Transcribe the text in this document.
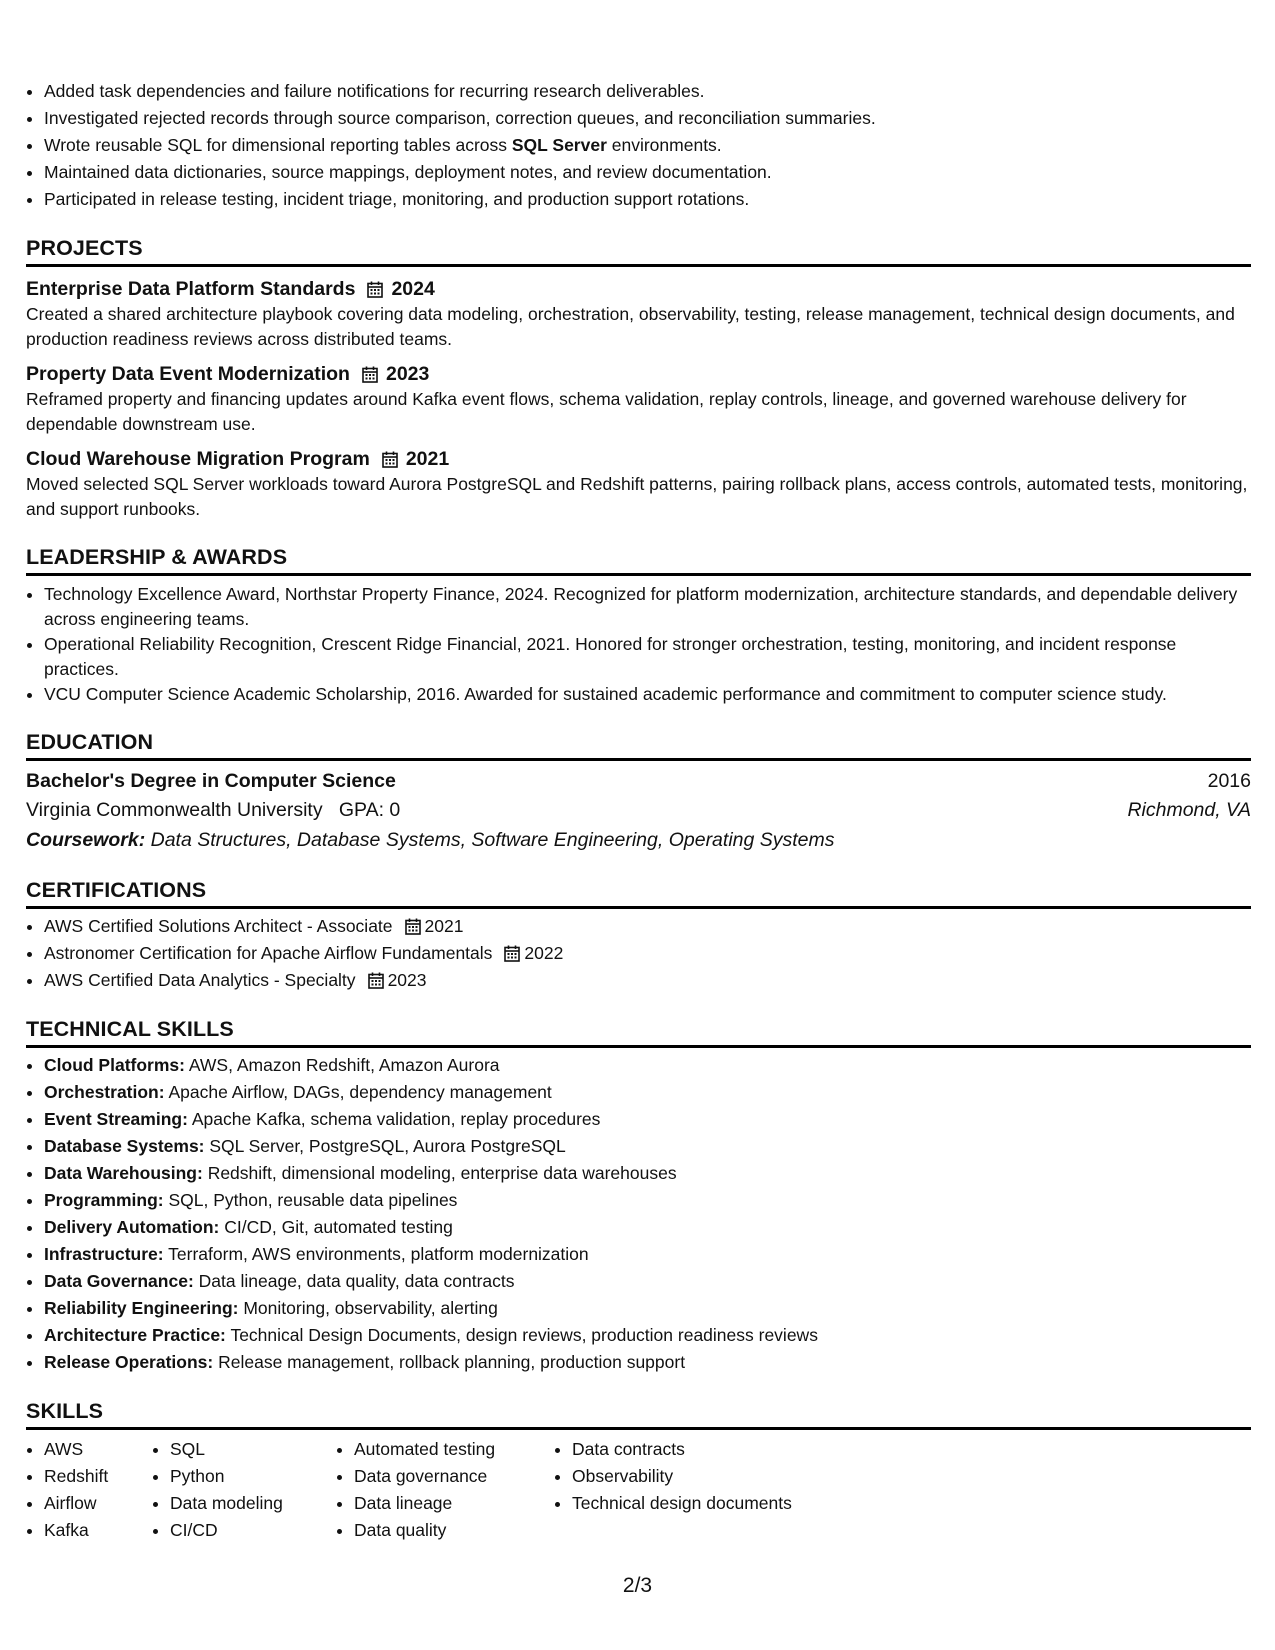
• Added task dependencies and failure notifications for recurring research deliverables.
• Investigated rejected records through source comparison, correction queues, and reconciliation summaries.
• Wrote reusable SQL for dimensional reporting tables across SQL Server environments.
• Maintained data dictionaries, source mappings, deployment notes, and review documentation.
• Participated in release testing, incident triage, monitoring, and production support rotations.
PROJECTS
Enterprise Data Platform Standards 2024
Created a shared architecture playbook covering data modeling, orchestration, observability, testing, release management, technical design documents, and production readiness reviews across distributed teams.
Property Data Event Modernization 2023
Reframed property and financing updates around Kafka event flows, schema validation, replay controls, lineage, and governed warehouse delivery for dependable downstream use.
Cloud Warehouse Migration Program 2021
Moved selected SQL Server workloads toward Aurora PostgreSQL and Redshift patterns, pairing rollback plans, access controls, automated tests, monitoring, and support runbooks.
LEADERSHIP & AWARDS
• Technology Excellence Award, Northstar Property Finance, 2024. Recognized for platform modernization, architecture standards, and dependable delivery across engineering teams.
• Operational Reliability Recognition, Crescent Ridge Financial, 2021. Honored for stronger orchestration, testing, monitoring, and incident response practices.
• VCU Computer Science Academic Scholarship, 2016. Awarded for sustained academic performance and commitment to computer science study.
EDUCATION
Bachelor's Degree in Computer Science	2016
Virginia Commonwealth University GPA: 0	Richmond, VA
Coursework: Data Structures, Database Systems, Software Engineering, Operating Systems
CERTIFICATIONS
• AWS Certified Solutions Architect - Associate 2021
• Astronomer Certification for Apache Airflow Fundamentals 2022
• AWS Certified Data Analytics - Specialty 2023
TECHNICAL SKILLS
• Cloud Platforms: AWS, Amazon Redshift, Amazon Aurora
• Orchestration: Apache Airflow, DAGs, dependency management
• Event Streaming: Apache Kafka, schema validation, replay procedures
• Database Systems: SQL Server, PostgreSQL, Aurora PostgreSQL
• Data Warehousing: Redshift, dimensional modeling, enterprise data warehouses
• Programming: SQL, Python, reusable data pipelines
• Delivery Automation: CI/CD, Git, automated testing
• Infrastructure: Terraform, AWS environments, platform modernization
• Data Governance: Data lineage, data quality, data contracts
• Reliability Engineering: Monitoring, observability, alerting
• Architecture Practice: Technical Design Documents, design reviews, production readiness reviews
• Release Operations: Release management, rollback planning, production support
SKILLS
• AWS
• Redshift
• Airflow
• Kafka
• SQL
• Python
• Data modeling
• CI/CD
• Automated testing
• Data governance
• Data lineage
• Data quality
• Data contracts
• Observability
• Technical design documents
2/3
